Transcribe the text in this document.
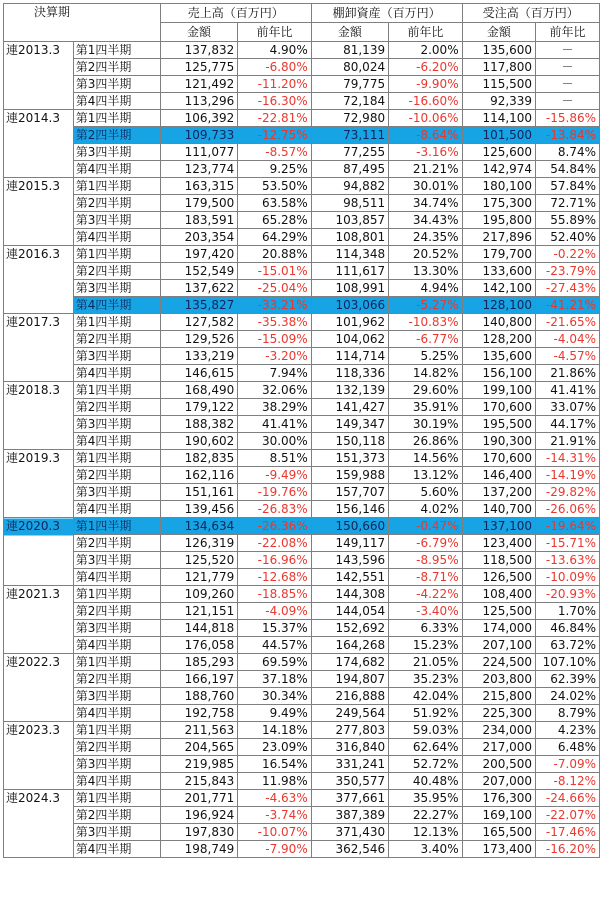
決算期		売上高（百万円）		棚卸資産（百万円）		受注高（百万円）	
		金額	前年比	金額	前年比	金額	前年比
連2013.3	第1四半期	137,832	4.90%	81,139	2.00%	135,600	－
	第2四半期	125,775	-6.80%	80,024	-6.20%	117,800	－
	第3四半期	121,492	-11.20%	79,775	-9.90%	115,500	－
	第4四半期	113,296	-16.30%	72,184	-16.60%	92,339	－
連2014.3	第1四半期	106,392	-22.81%	72,980	-10.06%	114,100	-15.86%
	第2四半期	109,733	-12.75%	73,111	-8.64%	101,500	-13.84%
	第3四半期	111,077	-8.57%	77,255	-3.16%	125,600	8.74%
	第4四半期	123,774	9.25%	87,495	21.21%	142,974	54.84%
連2015.3	第1四半期	163,315	53.50%	94,882	30.01%	180,100	57.84%
	第2四半期	179,500	63.58%	98,511	34.74%	175,300	72.71%
	第3四半期	183,591	65.28%	103,857	34.43%	195,800	55.89%
	第4四半期	203,354	64.29%	108,801	24.35%	217,896	52.40%
連2016.3	第1四半期	197,420	20.88%	114,348	20.52%	179,700	-0.22%
	第2四半期	152,549	-15.01%	111,617	13.30%	133,600	-23.79%
	第3四半期	137,622	-25.04%	108,991	4.94%	142,100	-27.43%
	第4四半期	135,827	-33.21%	103,066	-5.27%	128,100	-41.21%
連2017.3	第1四半期	127,582	-35.38%	101,962	-10.83%	140,800	-21.65%
	第2四半期	129,526	-15.09%	104,062	-6.77%	128,200	-4.04%
	第3四半期	133,219	-3.20%	114,714	5.25%	135,600	-4.57%
	第4四半期	146,615	7.94%	118,336	14.82%	156,100	21.86%
連2018.3	第1四半期	168,490	32.06%	132,139	29.60%	199,100	41.41%
	第2四半期	179,122	38.29%	141,427	35.91%	170,600	33.07%
	第3四半期	188,382	41.41%	149,347	30.19%	195,500	44.17%
	第4四半期	190,602	30.00%	150,118	26.86%	190,300	21.91%
連2019.3	第1四半期	182,835	8.51%	151,373	14.56%	170,600	-14.31%
	第2四半期	162,116	-9.49%	159,988	13.12%	146,400	-14.19%
	第3四半期	151,161	-19.76%	157,707	5.60%	137,200	-29.82%
	第4四半期	139,456	-26.83%	156,146	4.02%	140,700	-26.06%
連2020.3	第1四半期	134,634	-26.36%	150,660	-0.47%	137,100	-19.64%
	第2四半期	126,319	-22.08%	149,117	-6.79%	123,400	-15.71%
	第3四半期	125,520	-16.96%	143,596	-8.95%	118,500	-13.63%
	第4四半期	121,779	-12.68%	142,551	-8.71%	126,500	-10.09%
連2021.3	第1四半期	109,260	-18.85%	144,308	-4.22%	108,400	-20.93%
	第2四半期	121,151	-4.09%	144,054	-3.40%	125,500	1.70%
	第3四半期	144,818	15.37%	152,692	6.33%	174,000	46.84%
	第4四半期	176,058	44.57%	164,268	15.23%	207,100	63.72%
連2022.3	第1四半期	185,293	69.59%	174,682	21.05%	224,500	107.10%
	第2四半期	166,197	37.18%	194,807	35.23%	203,800	62.39%
	第3四半期	188,760	30.34%	216,888	42.04%	215,800	24.02%
	第4四半期	192,758	9.49%	249,564	51.92%	225,300	8.79%
連2023.3	第1四半期	211,563	14.18%	277,803	59.03%	234,000	4.23%
	第2四半期	204,565	23.09%	316,840	62.64%	217,000	6.48%
	第3四半期	219,985	16.54%	331,241	52.72%	200,500	-7.09%
	第4四半期	215,843	11.98%	350,577	40.48%	207,000	-8.12%
連2024.3	第1四半期	201,771	-4.63%	377,661	35.95%	176,300	-24.66%
	第2四半期	196,924	-3.74%	387,389	22.27%	169,100	-22.07%
	第3四半期	197,830	-10.07%	371,430	12.13%	165,500	-17.46%
	第4四半期	198,749	-7.90%	362,546	3.40%	173,400	-16.20%
